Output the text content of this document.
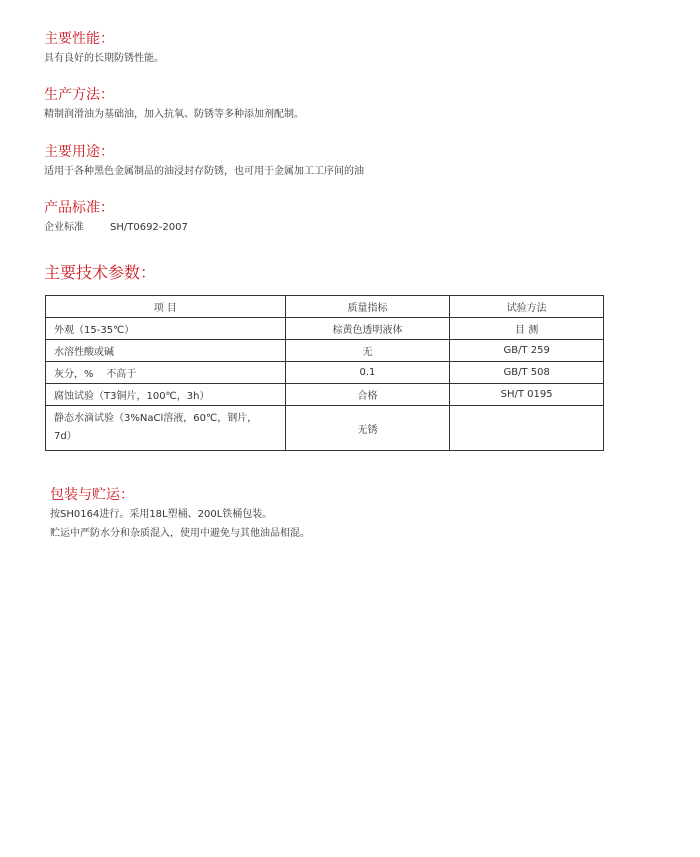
主要性能：

具有良好的长期防锈性能。

生产方法：

精制润滑油为基础油，加入抗氧、防锈等多种添加剂配制。

主要用途：

适用于各种黑色金属制品的油浸封存防锈，也可用于金属加工工序间的油

产品标准：
企业标准	SH/T0692-2007
主要技术参数：
项 目	质量指标	试验方法
外观（15-35℃）	棕黄色透明液体	目 测
水溶性酸或碱	无	GB/T 259
灰分，%    不高于	0.1	GB/T 508
腐蚀试验（T3铜片，100℃，3h）	合格	SH/T 0195

静态水滴试验（3%NaCl溶液，60℃，钢片，
7d）	无锈	
包装与贮运：

按SH0164进行。采用18L塑桶、200L铁桶包装。

贮运中严防水分和杂质混入，使用中避免与其他油品相混。
